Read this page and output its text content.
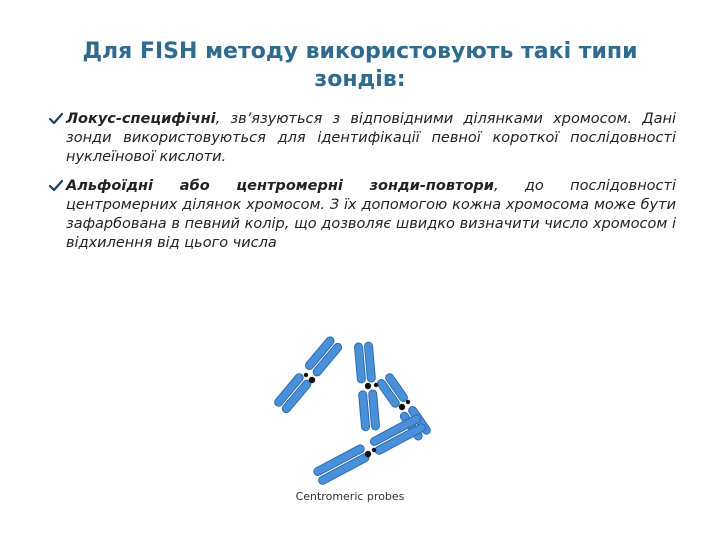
Для FISH методу використовують такі типи зондів:
Локус-специфічні, зв’язуються з відповідними ділянками хромосом. Дані зонди використовуються для ідентифікації певної короткої послідовності нуклеїнової кислоти.
Альфоїдні або центромерні зонди-повтори, до послідовності центромерних ділянок хромосом. З їх допомогою кожна хромосома може бути зафарбована в певний колір, що дозволяє швидко визначити число хромосом і відхилення від цього числа
Centromeric probes
